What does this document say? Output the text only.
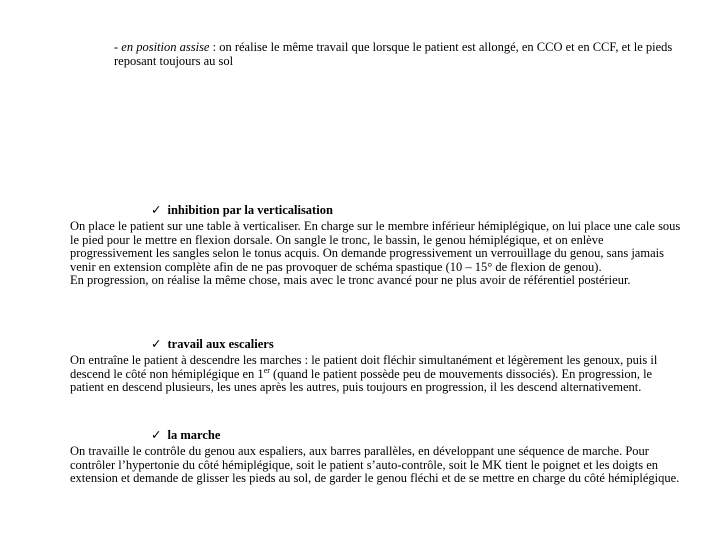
- en position assise : on réalise le même travail que lorsque le patient est allongé, en CCO et en CCF, et le pieds reposant toujours au sol
✓ inhibition par la verticalisation

On place le patient sur une table à verticaliser. En charge sur le membre inférieur hémiplégique, on lui place une cale sous le pied pour le mettre en flexion dorsale. On sangle le tronc, le bassin, le genou hémiplégique, et on enlève progressivement les sangles selon le tonus acquis. On demande progressivement un verrouillage du genou, sans jamais venir en extension complète afin de ne pas provoquer de schéma spastique (10 – 15° de flexion de genou).

En progression, on réalise la même chose, mais avec le tronc avancé pour ne plus avoir de référentiel postérieur.

✓ travail aux escaliers

On entraîne le patient à descendre les marches : le patient doit fléchir simultanément et légèrement les genoux, puis il descend le côté non hémiplégique en 1er (quand le patient possède peu de mouvements dissociés). En progression, le patient en descend plusieurs, les unes après les autres, puis toujours en progression, il les descend alternativement.

✓ la marche

On travaille le contrôle du genou aux espaliers, aux barres parallèles, en développant une séquence de marche. Pour contrôler l’hypertonie du côté hémiplégique, soit le patient s’auto-contrôle, soit le MK tient le poignet et les doigts en extension et demande de glisser les pieds au sol, de garder le genou fléchi et de se mettre en charge du côté hémiplégique.
